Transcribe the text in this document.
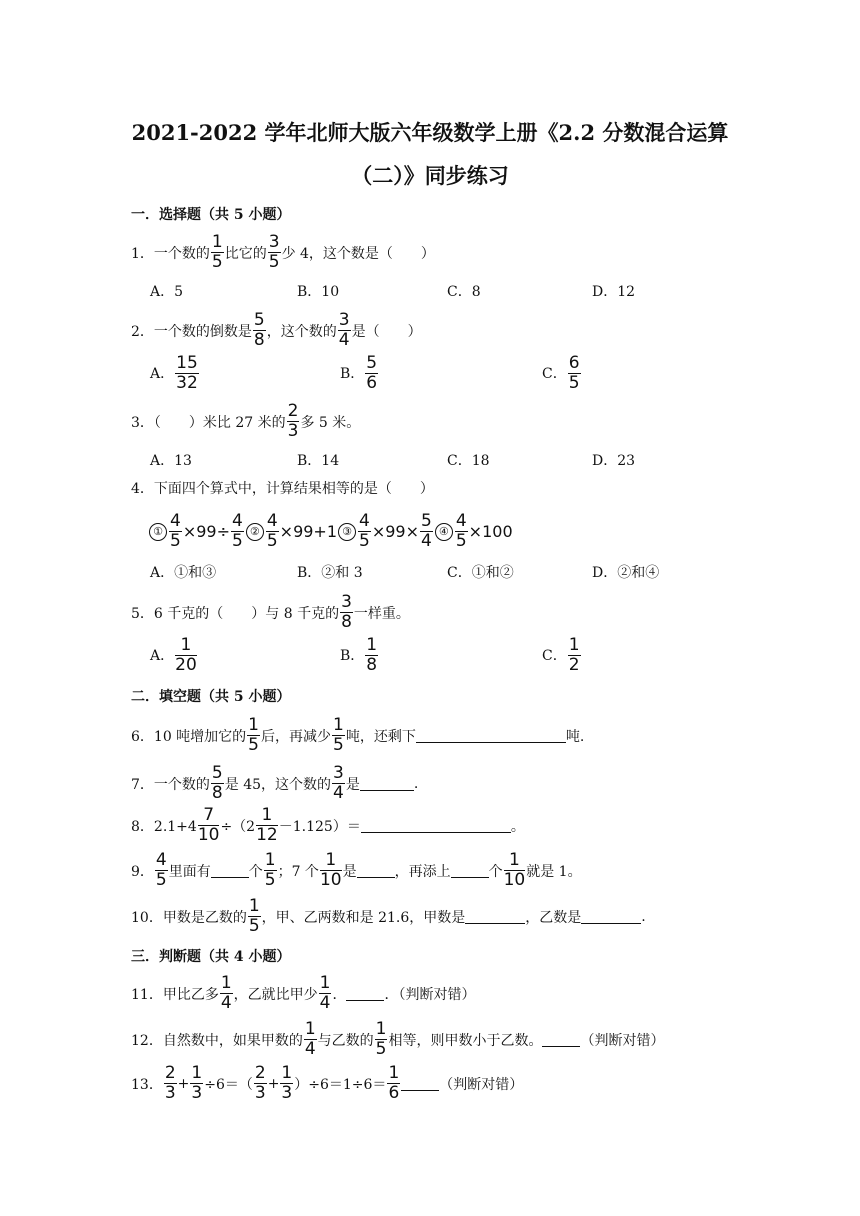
2021-2022 学年北师大版六年级数学上册《2.2 分数混合运算
（二）》同步练习
一．选择题（共 5 小题）
1．一个数的 $\frac{1}{5}$ 比它的 $\frac{3}{5}$ 少 4，这个数是（　　）
A．5	B．10	C．8	D．12
2．一个数的倒数是 $\frac{5}{8}$ ，这个数的 $\frac{3}{4}$ 是（　　）
A． $\frac{15}{32}$	B． $\frac{5}{6}$	C． $\frac{6}{5}$
3．（　　）米比 27 米的 $\frac{2}{3}$ 多 5 米。
A．13	B．14	C．18	D．23
4．下面四个算式中，计算结果相等的是（　　）
① $\frac{4}{5} \times 99\div \frac{4}{5}$ ② $\frac{4}{5} \times 99+1$ ③ $\frac{4}{5} \times 99\times \frac{5}{4}$ ④ $\frac{4}{5} \times 100$
A．①和③	B．②和 3	C．①和②	D．②和④
5．6 千克的（　　）与 8 千克的 $\frac{3}{8}$ 一样重。
A． $\frac{1}{20}$	B． $\frac{1}{8}$	C． $\frac{1}{2}$
二．填空题（共 5 小题）
6．10 吨增加它的 $\frac{1}{5}$ 后，再减少 $\frac{1}{5}$ 吨，还剩下	吨.
7．一个数的 $\frac{5}{8}$ 是 45，这个数的 $\frac{3}{4}$ 是	.
8．$2.1+4 \frac{7}{10} \div(2 \frac{1}{12} -1.125)=$	。
9． $\frac{4}{5}$ 里面有	个 $\frac{1}{5}$ ；7 个 $\frac{1}{10}$ 是	，再添上	个 $\frac{1}{10}$ 就是 1。
10．甲数是乙数的 $\frac{1}{5}$ ，甲、乙两数和是 21.6，甲数是	，乙数是	.
三．判断题（共 4 小题）
11．甲比乙多 $\frac{1}{4}$ ，乙就比甲少 $\frac{1}{4}$ ．	．（判断对错）
12．自然数中，如果甲数的 $\frac{1}{4}$ 与乙数的 $\frac{1}{5}$ 相等，则甲数小于乙数。	（判断对错）
13． $\frac{2}{3} + \frac{1}{3} \div 6=( \frac{2}{3} + \frac{1}{3} )\div 6=1\div 6= \frac{1}{6}$	（判断对错）
